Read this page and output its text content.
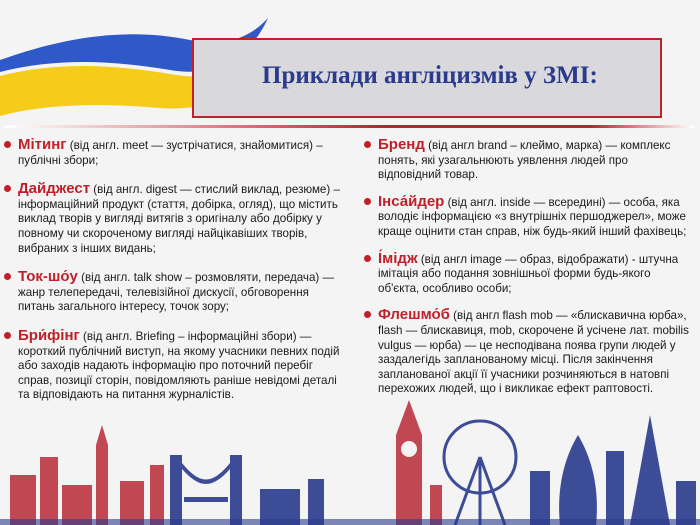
Приклади англіцизмів у ЗМІ:
Мітинг (від англ. meet — зустрічатися, знайомитися) – публічні збори;
Дайджест (від англ. digest — стислий виклад, резюме) – інформаційний продукт (стаття, добірка, огляд), що містить виклад творів у вигляді витягів з оригіналу або добірку у повному чи скороченому вигляді найцікавіших творів, вибраних з інших видань;
Ток-шо́у (від англ. talk show – розмовляти, передача) — жанр телепередачі, телевізійної дискусії, обговорення питань загального інтересу, точок зору;
Бри́фінг (від англ. Briefing – інформаційні збори) — короткий публічний виступ, на якому учасники певних подій або заходів надають інформацію про поточний перебіг справ, позиції сторін, повідомляють раніше невідомі деталі та відповідають на питання журналістів.
Бренд (від англ brand – клеймо, марка) — комплекс понять, які узагальнюють уявлення людей про відповідний товар.
Інса́йдер (від англ. inside — всередині) — особа, яка володіє інформацією «з внутрішніх першоджерел», може краще оцінити стан справ, ніж будь-який інший фахівець;
І́мідж (від англ image — образ, відображати) - штучна імітація або подання зовнішньої форми будь-якого об'єкта, особливо особи;
Флешмо́б (від англ flash mob — «блискавична юрба», flash — блискавиця, mob, скорочене й усічене лат. mobilis vulgus — юрба) — це несподівана поява групи людей у заздалегідь запланованому місці. Після закінчення запланованої акції її учасники розчиняються в натовпі перехожих людей, що і викликає ефект раптовості.
